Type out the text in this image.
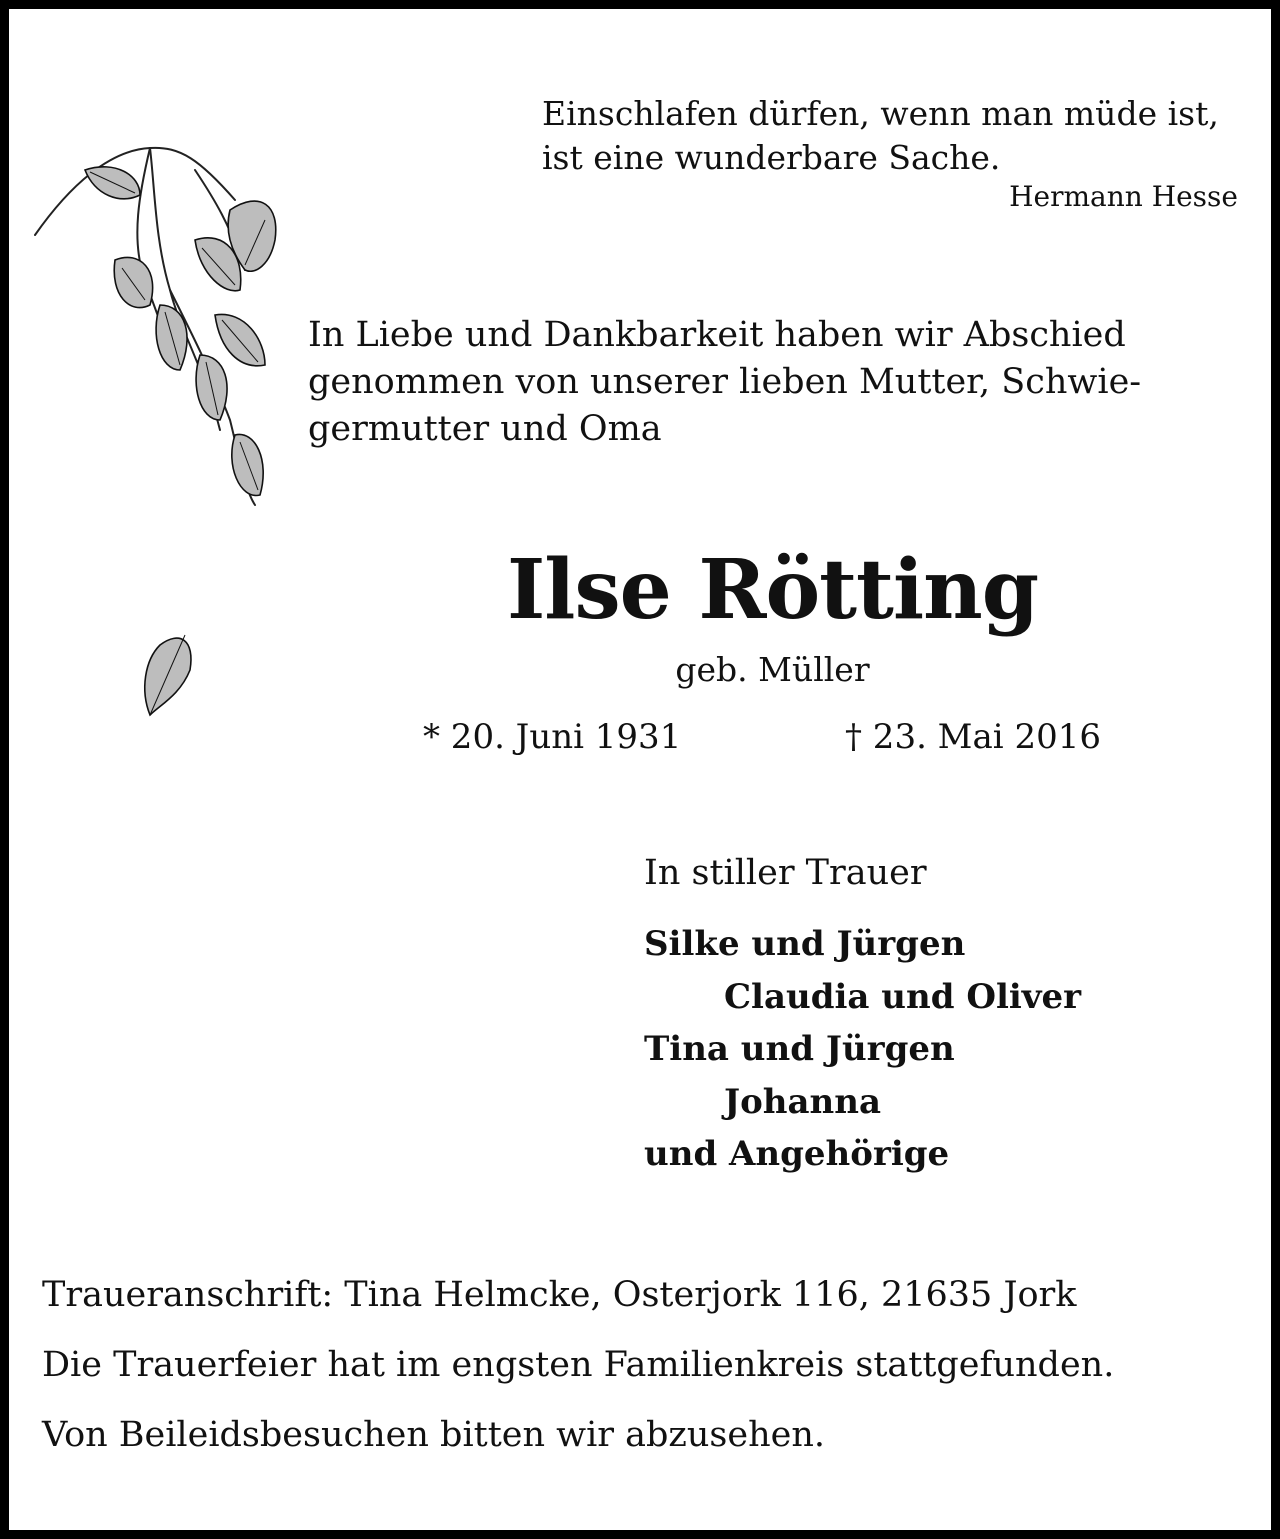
Einschlafen dürfen, wenn man müde ist,
ist eine wunderbare Sache.
Hermann Hesse
In Liebe und Dankbarkeit haben wir Abschied
genommen von unserer lieben Mutter, Schwie-
germutter und Oma
Ilse Rötting
geb. Müller
* 20. Juni 1931	† 23. Mai 2016
In stiller Trauer
Silke und Jürgen
Claudia und Oliver
Tina und Jürgen
Johanna
und Angehörige
Traueranschrift: Tina Helmcke, Osterjork 116, 21635 Jork
Die Trauerfeier hat im engsten Familienkreis stattgefunden.
Von Beileidsbesuchen bitten wir abzusehen.
